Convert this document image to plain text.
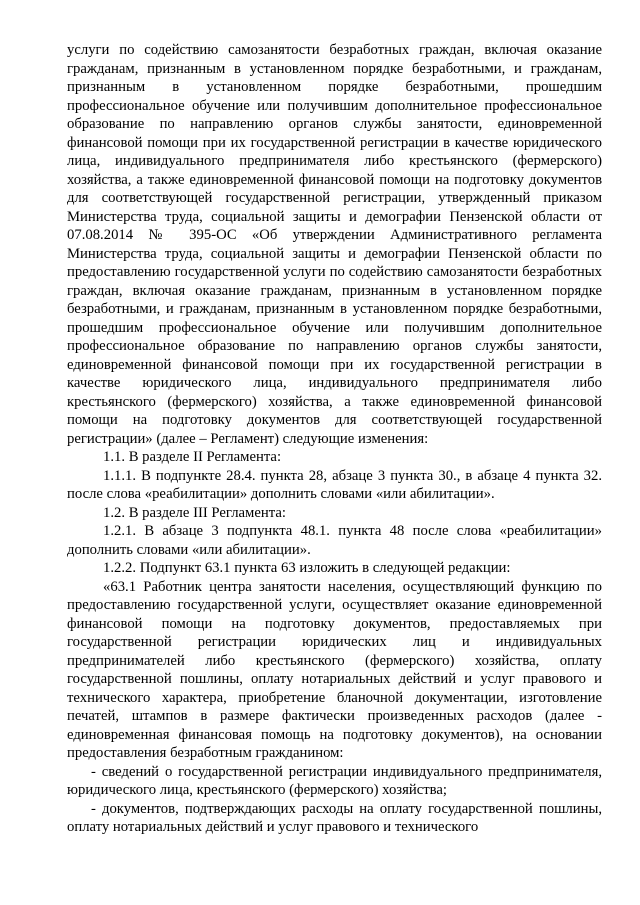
услуги по содействию самозанятости безработных граждан, включая оказание гражданам, признанным в установленном порядке безработными, и гражданам, признанным в установленном порядке безработными, прошедшим профессиональное обучение или получившим дополнительное профессиональное образование по направлению органов службы занятости, единовременной финансовой помощи при их государственной регистрации в качестве юридического лица, индивидуального предпринимателя либо крестьянского (фермерского) хозяйства, а также единовременной финансовой помощи на подготовку документов для соответствующей государственной регистрации, утвержденный приказом Министерства труда, социальной защиты и демографии Пензенской области от 07.08.2014 № 395-ОС «Об утверждении Административного регламента Министерства труда, социальной защиты и демографии Пензенской области по предоставлению государственной услуги по содействию самозанятости безработных граждан, включая оказание гражданам, признанным в установленном порядке безработными, и гражданам, признанным в установленном порядке безработными, прошедшим профессиональное обучение или получившим дополнительное профессиональное образование по направлению органов службы занятости, единовременной финансовой помощи при их государственной регистрации в качестве юридического лица, индивидуального предпринимателя либо крестьянского (фермерского) хозяйства, а также единовременной финансовой помощи на подготовку документов для соответствующей государственной регистрации» (далее – Регламент) следующие изменения:

1.1. В разделе II Регламента:

1.1.1. В подпункте 28.4. пункта 28, абзаце 3 пункта 30., в абзаце 4 пункта 32. после слова «реабилитации» дополнить словами «или абилитации».

1.2. В разделе III Регламента:

1.2.1. В абзаце 3 подпункта 48.1. пункта 48 после слова «реабилитации» дополнить словами «или абилитации».

1.2.2. Подпункт 63.1 пункта 63 изложить в следующей редакции:

«63.1 Работник центра занятости населения, осуществляющий функцию по предоставлению государственной услуги, осуществляет оказание единовременной финансовой помощи на подготовку документов, предоставляемых при государственной регистрации юридических лиц и индивидуальных предпринимателей либо крестьянского (фермерского) хозяйства, оплату государственной пошлины, оплату нотариальных действий и услуг правового и технического характера, приобретение бланочной документации, изготовление печатей, штампов в размере фактически произведенных расходов (далее - единовременная финансовая помощь на подготовку документов), на основании предоставления безработным гражданином:

- сведений о государственной регистрации индивидуального предпринимателя, юридического лица, крестьянского (фермерского) хозяйства;

- документов, подтверждающих расходы на оплату государственной пошлины, оплату нотариальных действий и услуг правового и технического
